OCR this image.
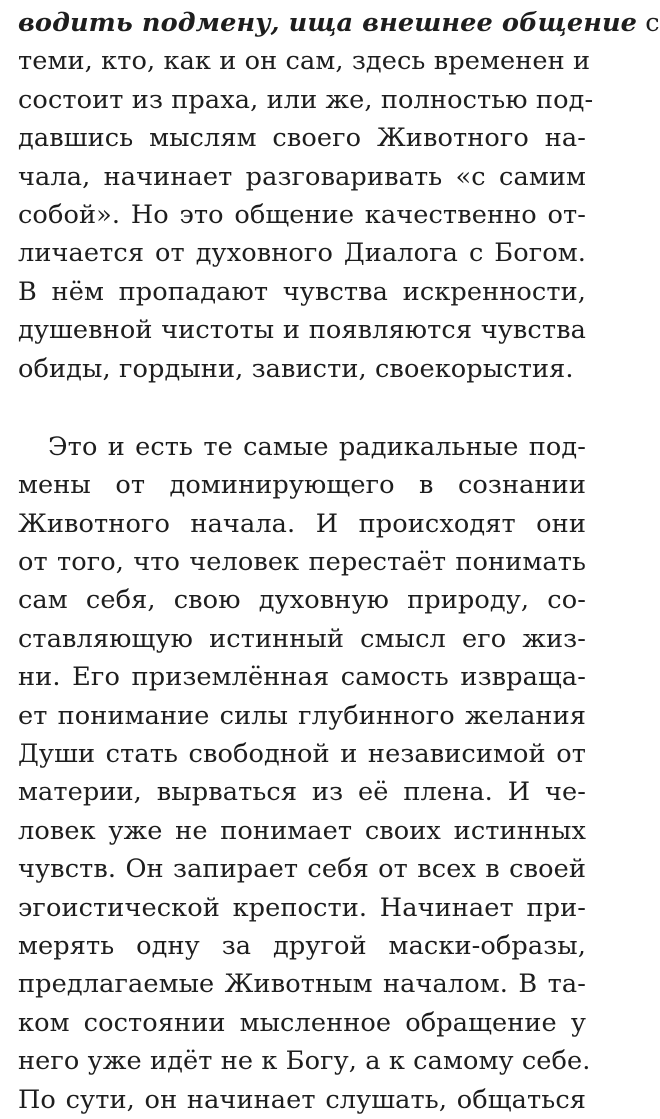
водить подмену, ища внешнее общение с
теми, кто, как и он сам, здесь временен и
состоит из праха, или же, полностью под-
давшись мыслям своего Животного на-
чала, начинает разговаривать «с самим
собой». Но это общение качественно от-
личается от духовного Диалога с Богом.
В нём пропадают чувства искренности,
душевной чистоты и появляются чувства
обиды, гордыни, зависти, своекорыстия.
Это и есть те самые радикальные под-
мены от доминирующего в сознании
Животного начала. И происходят они
от того, что человек перестаёт понимать
сам себя, свою духовную природу, со-
ставляющую истинный смысл его жиз-
ни. Его приземлённая самость извраща-
ет понимание силы глубинного желания
Души стать свободной и независимой от
материи, вырваться из её плена. И че-
ловек уже не понимает своих истинных
чувств. Он запирает себя от всех в своей
эгоистической крепости. Начинает при-
мерять одну за другой маски-образы,
предлагаемые Животным началом. В та-
ком состоянии мысленное обращение у
него уже идёт не к Богу, а к самому себе.
По сути, он начинает слушать, общаться
